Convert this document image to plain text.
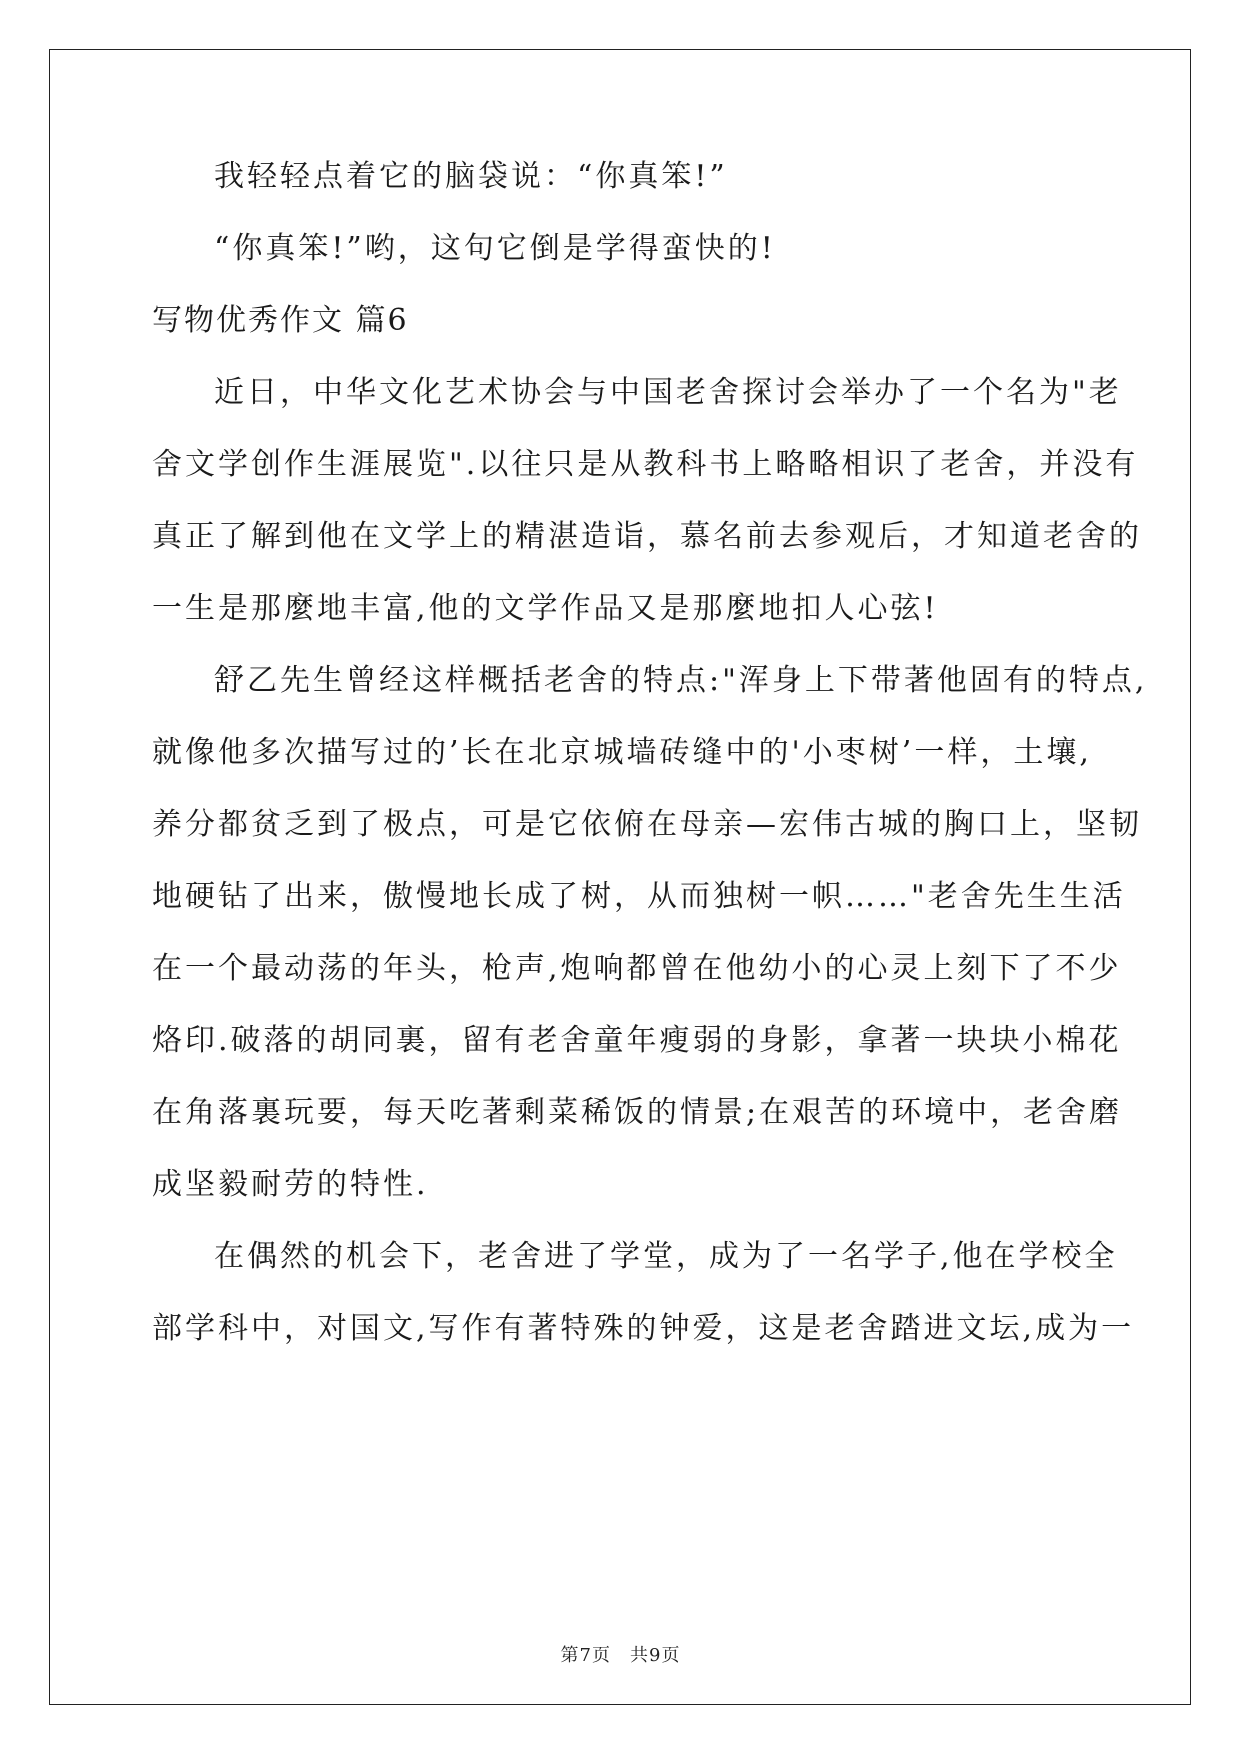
我轻轻点着它的脑袋说：“你真笨!”
“你真笨!”哟，这句它倒是学得蛮快的!
写物优秀作文 篇6
近日，中华文化艺术协会与中国老舍探讨会举办了一个名为"老
舍文学创作生涯展览".以往只是从教科书上略略相识了老舍，并没有
真正了解到他在文学上的精湛造诣，慕名前去参观后，才知道老舍的
一生是那麼地丰富,他的文学作品又是那麼地扣人心弦!
舒乙先生曾经这样概括老舍的特点:"浑身上下带著他固有的特点,
就像他多次描写过的’长在北京城墙砖缝中的'小枣树’一样，土壤,
养分都贫乏到了极点，可是它依俯在母亲—宏伟古城的胸口上，坚韧
地硬钻了出来，傲慢地长成了树，从而独树一帜……"老舍先生生活
在一个最动荡的年头，枪声,炮响都曾在他幼小的心灵上刻下了不少
烙印.破落的胡同裏，留有老舍童年瘦弱的身影，拿著一块块小棉花
在角落裏玩要，每天吃著剩菜稀饭的情景;在艰苦的环境中，老舍磨
成坚毅耐劳的特性.
在偶然的机会下，老舍进了学堂，成为了一名学子,他在学校全
部学科中，对国文,写作有著特殊的钟爱，这是老舍踏进文坛,成为一
第7页　共9页
